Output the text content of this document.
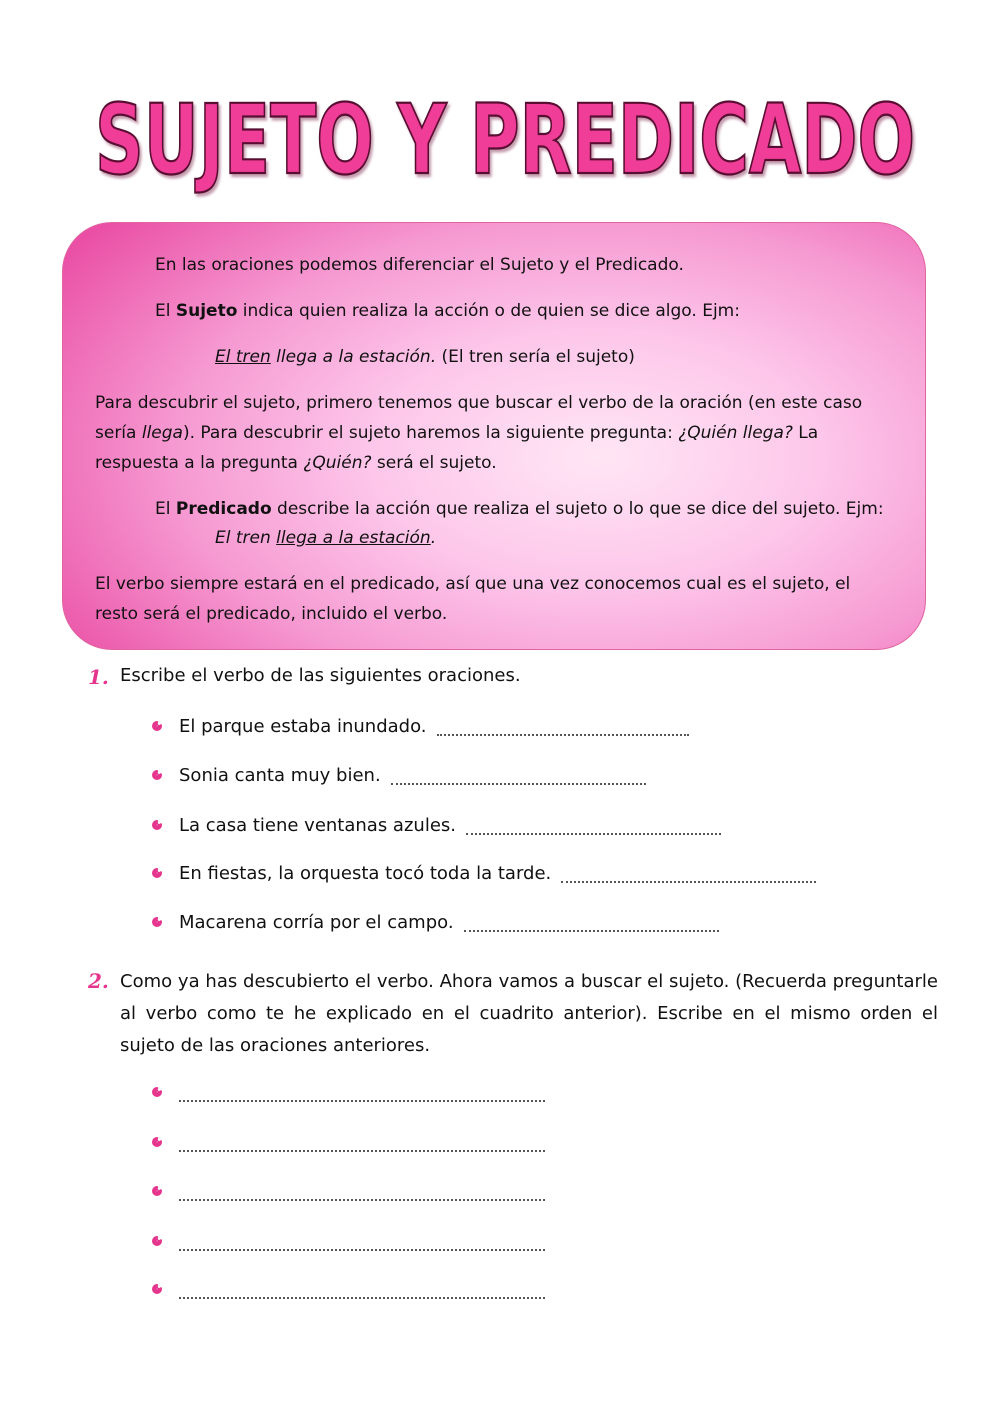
SUJETO Y PREDICADO
En las oraciones podemos diferenciar el Sujeto y el Predicado.
El Sujeto indica quien realiza la acción o de quien se dice algo. Ejm:
El tren llega a la estación. (El tren sería el sujeto)
Para descubrir el sujeto, primero tenemos que buscar el verbo de la oración (en este caso sería llega). Para descubrir el sujeto haremos la siguiente pregunta: ¿Quién llega? La respuesta a la pregunta ¿Quién? será el sujeto.
El Predicado describe la acción que realiza el sujeto o lo que se dice del sujeto. Ejm:
El tren llega a la estación.
El verbo siempre estará en el predicado, así que una vez conocemos cual es el sujeto, el resto será el predicado, incluido el verbo.
1. Escribe el verbo de las siguientes oraciones.
El parque estaba inundado.
Sonia canta muy bien.
La casa tiene ventanas azules.
En fiestas, la orquesta tocó toda la tarde.
Macarena corría por el campo.
2. Como ya has descubierto el verbo. Ahora vamos a buscar el sujeto. (Recuerda preguntarle al verbo como te he explicado en el cuadrito anterior). Escribe en el mismo orden el sujeto de las oraciones anteriores.
